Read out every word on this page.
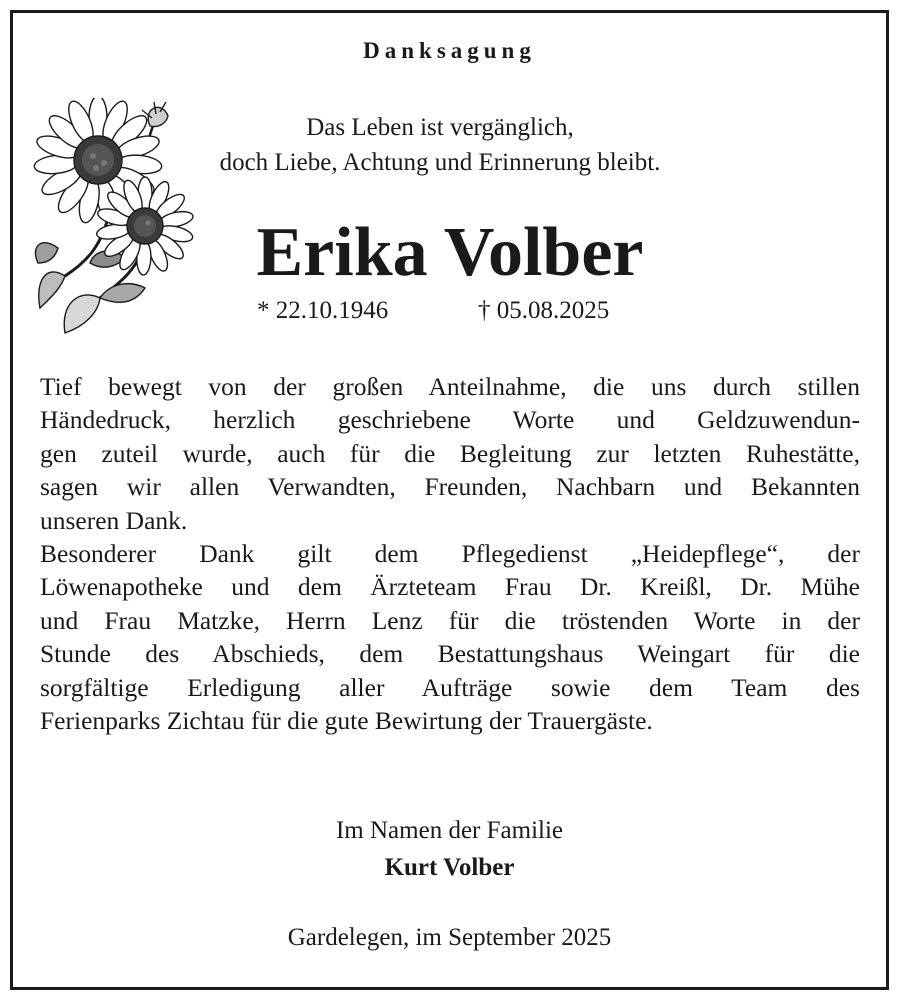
Danksagung
Das Leben ist vergänglich,
doch Liebe, Achtung und Erinnerung bleibt.
Erika Volber
* 22.10.1946	† 05.08.2025
Tief bewegt von der großen Anteilnahme, die uns durch stillen
Händedruck, herzlich geschriebene Worte und Geldzuwendun-
gen zuteil wurde, auch für die Begleitung zur letzten Ruhestätte,
sagen wir allen Verwandten, Freunden, Nachbarn und Bekannten
unseren Dank.
Besonderer Dank gilt dem Pflegedienst „Heidepflege“, der
Löwenapotheke und dem Ärzteteam Frau Dr. Kreißl, Dr. Mühe
und Frau Matzke, Herrn Lenz für die tröstenden Worte in der
Stunde des Abschieds, dem Bestattungshaus Weingart für die
sorgfältige Erledigung aller Aufträge sowie dem Team des
Ferienparks Zichtau für die gute Bewirtung der Trauergäste.
Im Namen der Familie
Kurt Volber
Gardelegen, im September 2025
